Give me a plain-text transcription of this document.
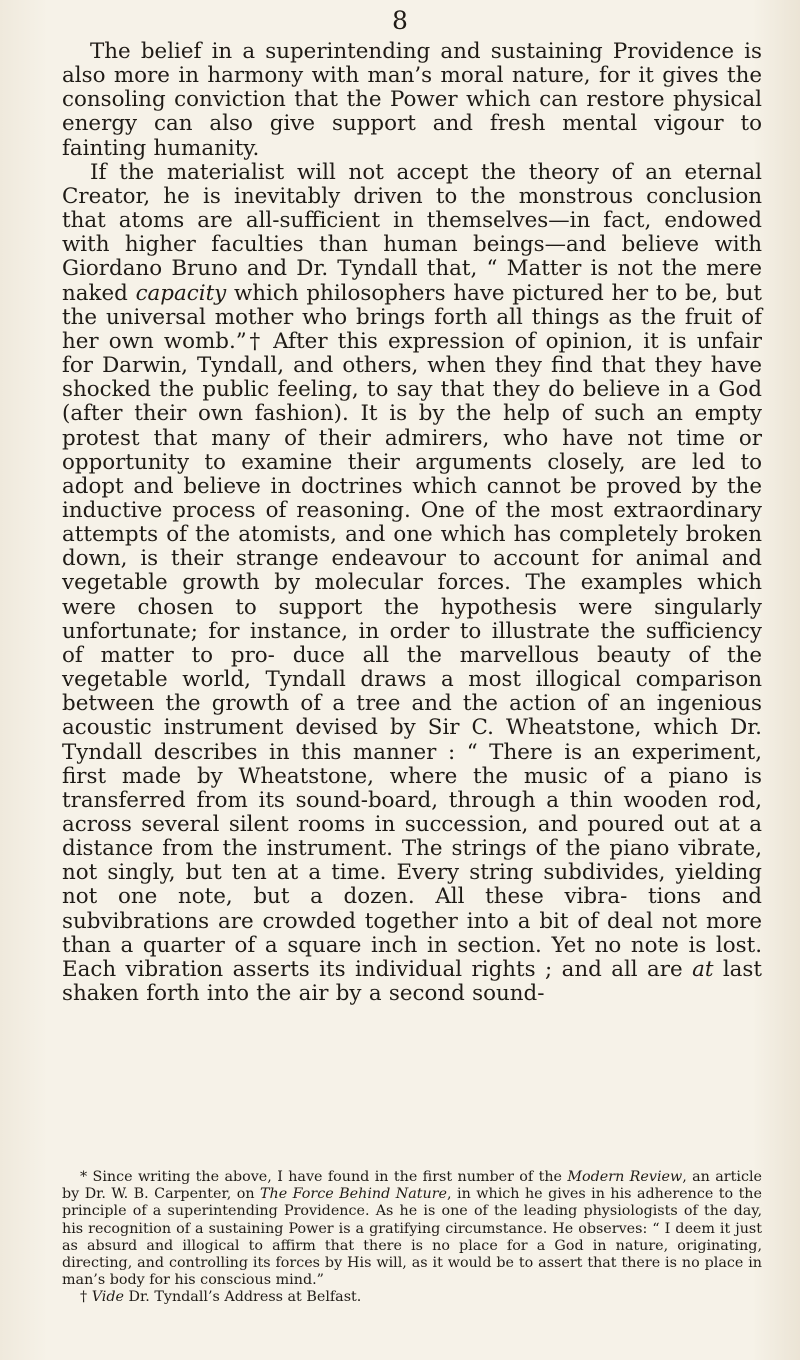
8

The belief in a superintending and sustaining Providence is also more in harmony with man’s moral nature, for it gives the consoling conviction that the Power which can restore physical energy can also give support and fresh mental vigour to fainting humanity.

If the materialist will not accept the theory of an eternal Creator, he is inevitably driven to the monstrous conclusion that atoms are all-sufficient in themselves—in fact, endowed with higher faculties than human beings—and believe with Giordano Bruno and Dr. Tyndall that, “ Matter is not the mere naked capacity which philosophers have pictured her to be, but the universal mother who brings forth all things as the fruit of her own womb.”† After this expression of opinion, it is unfair for Darwin, Tyndall, and others, when they find that they have shocked the public feeling, to say that they do believe in a God (after their own fashion). It is by the help of such an empty protest that many of their admirers, who have not time or opportunity to examine their arguments closely, are led to adopt and believe in doctrines which cannot be proved by the inductive process of reasoning. One of the most extraordinary attempts of the atomists, and one which has completely broken down, is their strange endeavour to account for animal and vegetable growth by molecular forces. The examples which were chosen to support the hypothesis were singularly unfortunate; for instance, in order to illustrate the sufficiency of matter to pro- duce all the marvellous beauty of the vegetable world, Tyndall draws a most illogical comparison between the growth of a tree and the action of an ingenious acoustic instrument devised by Sir C. Wheatstone, which Dr. Tyndall describes in this manner : “ There is an experiment, first made by Wheatstone, where the music of a piano is transferred from its sound-board, through a thin wooden rod, across several silent rooms in succession, and poured out at a distance from the instrument. The strings of the piano vibrate, not singly, but ten at a time. Every string subdivides, yielding not one note, but a dozen. All these vibra- tions and subvibrations are crowded together into a bit of deal not more than a quarter of a square inch in section. Yet no note is lost. Each vibration asserts its individual rights ; and all are at last shaken forth into the air by a second sound-

* Since writing the above, I have found in the first number of the Modern Review, an article by Dr. W. B. Carpenter, on The Force Behind Nature, in which he gives in his adherence to the principle of a superintending Providence. As he is one of the leading physiologists of the day, his recognition of a sustaining Power is a gratifying circumstance. He observes: “ I deem it just as absurd and illogical to affirm that there is no place for a God in nature, originating, directing, and controlling its forces by His will, as it would be to assert that there is no place in man’s body for his conscious mind.”

† Vide Dr. Tyndall’s Address at Belfast.
